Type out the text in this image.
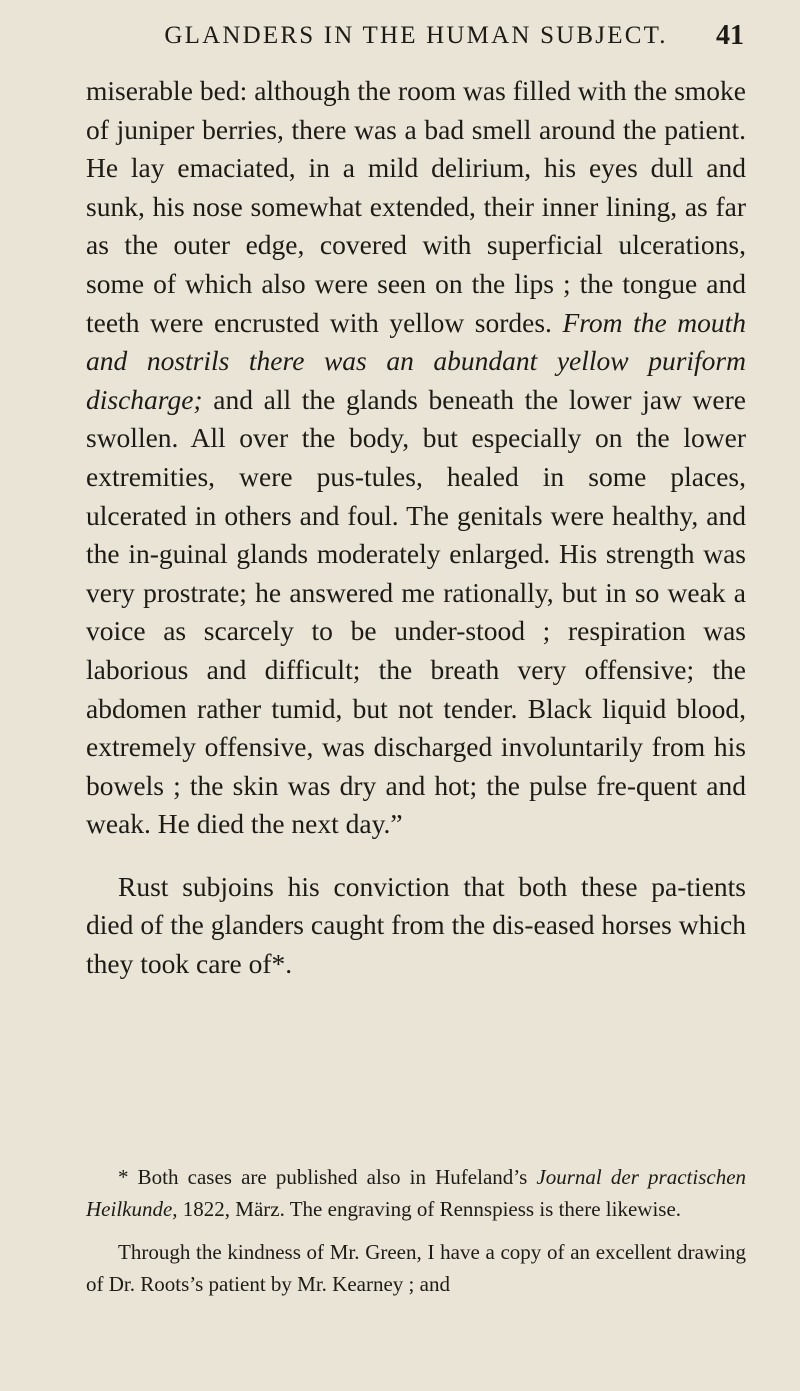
GLANDERS IN THE HUMAN SUBJECT.	41

miserable bed: although the room was filled with the smoke of juniper berries, there was a bad smell around the patient. He lay emaciated, in a mild delirium, his eyes dull and sunk, his nose somewhat extended, their inner lining, as far as the outer edge, covered with superficial ulcerations, some of which also were seen on the lips ; the tongue and teeth were encrusted with yellow sordes. From the mouth and nostrils there was an abundant yellow puriform discharge; and all the glands beneath the lower jaw were swollen. All over the body, but especially on the lower extremities, were pus-tules, healed in some places, ulcerated in others and foul. The genitals were healthy, and the in-guinal glands moderately enlarged. His strength was very prostrate; he answered me rationally, but in so weak a voice as scarcely to be under-stood ; respiration was laborious and difficult; the breath very offensive; the abdomen rather tumid, but not tender. Black liquid blood, extremely offensive, was discharged involuntarily from his bowels ; the skin was dry and hot; the pulse fre-quent and weak. He died the next day.”

Rust subjoins his conviction that both these pa-tients died of the glanders caught from the dis-eased horses which they took care of*.

* Both cases are published also in Hufeland’s Journal der practischen Heilkunde, 1822, März. The engraving of Rennspiess is there likewise.

Through the kindness of Mr. Green, I have a copy of an excellent drawing of Dr. Roots’s patient by Mr. Kearney ; and
